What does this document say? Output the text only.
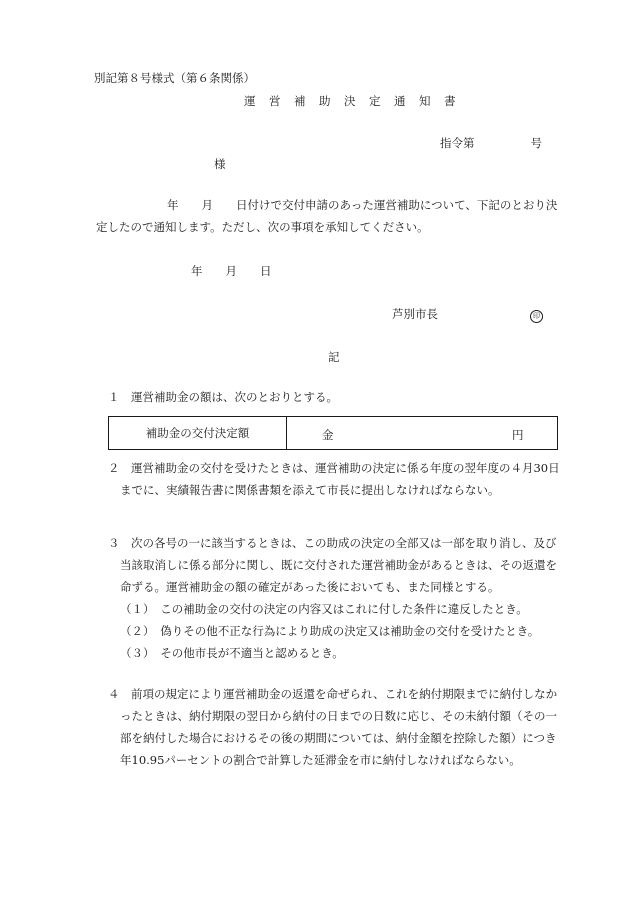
別記第８号様式（第６条関係）
運　営　補　助　決　定　通　知　書
指令第	号
様
年　　月　　日付けで交付申請のあった運営補助について、下記のとおり決
定したので通知します。ただし、次の事項を承知してください。
年　　月　　日
芦別市長	印
記
１　運営補助金の額は、次のとおりとする。
補助金の交付決定額	金	円
２　運営補助金の交付を受けたときは、運営補助の決定に係る年度の翌年度の４月30日
までに、実績報告書に関係書類を添えて市長に提出しなければならない。
３　次の各号の一に該当するときは、この助成の決定の全部又は一部を取り消し、及び
当該取消しに係る部分に関し、既に交付された運営補助金があるときは、その返還を
命ずる。運営補助金の額の確定があった後においても、また同様とする。
（１）　この補助金の交付の決定の内容又はこれに付した条件に違反したとき。
（２）　偽りその他不正な行為により助成の決定又は補助金の交付を受けたとき。
（３）　その他市長が不適当と認めるとき。
４　前項の規定により運営補助金の返還を命ぜられ、これを納付期限までに納付しなか
ったときは、納付期限の翌日から納付の日までの日数に応じ、その未納付額（その一
部を納付した場合におけるその後の期間については、納付金額を控除した額）につき
年10.95パーセントの割合で計算した延滞金を市に納付しなければならない。
